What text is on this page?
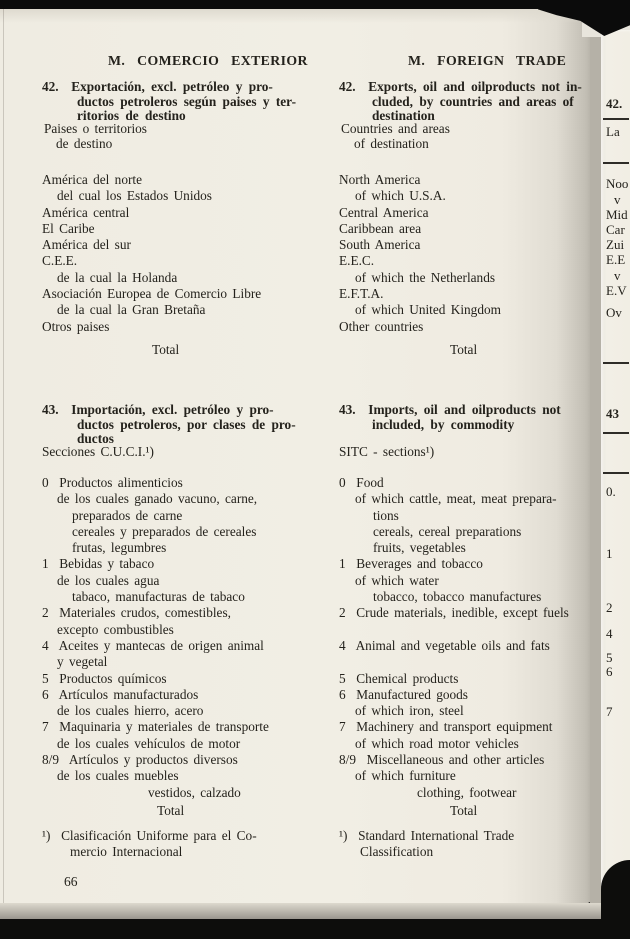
42.
La
Noo
v
Mid
Car
Zui
E.E
v
E.V
Ov
43
0.
1
2
4
5
6
7
M. COMERCIO EXTERIOR
42.  Exportación, excl. petróleo y pro-
ductos petroleros según paises y ter-
ritorios de destino
Paises o territorios
de destino
América del norte
del cual los Estados Unidos
América central
El Caribe
América del sur
C.E.E.
de la cual la Holanda
Asociación Europea de Comercio Libre
de la cual la Gran Bretaña
Otros paises
Total
43.  Importación, excl. petróleo y pro-
ductos petroleros, por clases de pro-
ductos
Secciones C.U.C.I.¹)
0  Productos alimenticios
de los cuales ganado vacuno, carne,
preparados de carne
cereales y preparados de cereales
frutas, legumbres
1  Bebidas y tabaco
de los cuales agua
tabaco, manufacturas de tabaco
2  Materiales crudos, comestibles,
excepto combustibles
4  Aceites y mantecas de origen animal
y vegetal
5  Productos químicos
6  Artículos manufacturados
de los cuales hierro, acero
7  Maquinaria y materiales de transporte
de los cuales vehículos de motor
8/9  Artículos y productos diversos
de los cuales muebles
vestidos, calzado
Total
¹)  Clasificación Uniforme para el Co-
mercio Internacional
66
M. FOREIGN TRADE
42.  Exports, oil and oilproducts not in-
cluded, by countries and areas of
destination
Countries and areas
of destination
North America
of which U.S.A.
Central America
Caribbean area
South America
E.E.C.
of which the Netherlands
E.F.T.A.
of which United Kingdom
Other countries
Total
43.  Imports, oil and oilproducts not
included, by commodity
SITC - sections¹)
0  Food
of which cattle, meat, meat prepara-
tions
cereals, cereal preparations
fruits, vegetables
1  Beverages and tobacco
of which water
tobacco, tobacco manufactures
2  Crude materials, inedible, except fuels
4  Animal and vegetable oils and fats
5  Chemical products
6  Manufactured goods
of which iron, steel
7  Machinery and transport equipment
of which road motor vehicles
8/9  Miscellaneous and other articles
of which furniture
clothing, footwear
Total
¹)  Standard International Trade
Classification
